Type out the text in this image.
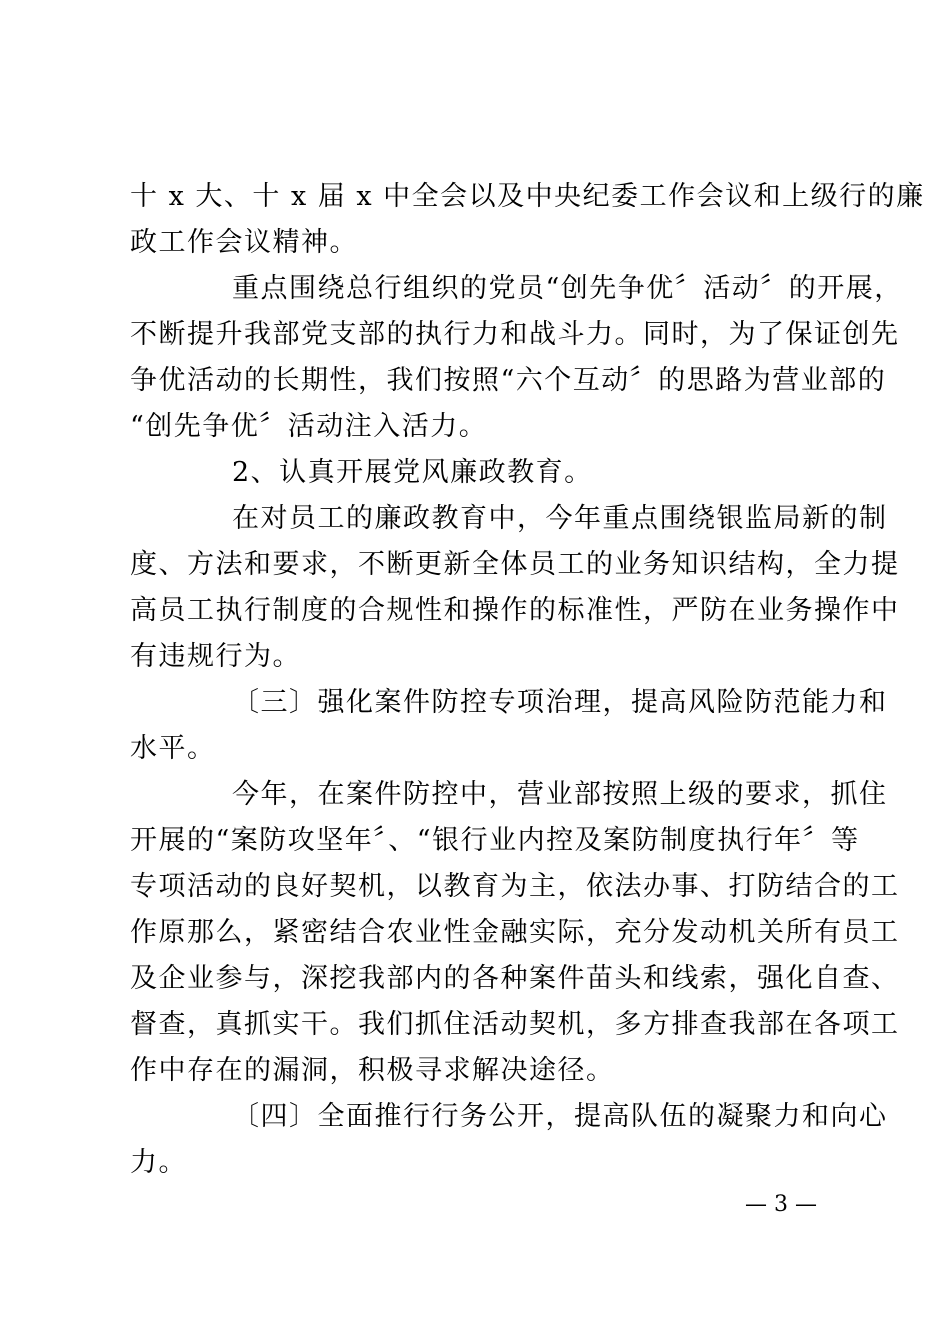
十 x 大、十 x 届 x 中全会以及中央纪委工作会议和上级行的廉
政工作会议精神。
重点围绕总行组织的党员“创先争优〞活动〞的开展，
不断提升我部党支部的执行力和战斗力。同时，为了保证创先
争优活动的长期性，我们按照“六个互动〞的思路为营业部的
“创先争优〞活动注入活力。
2、认真开展党风廉政教育。
在对员工的廉政教育中，今年重点围绕银监局新的制
度、方法和要求，不断更新全体员工的业务知识结构，全力提
高员工执行制度的合规性和操作的标准性，严防在业务操作中
有违规行为。
〔三〕强化案件防控专项治理，提高风险防范能力和
水平。
今年，在案件防控中，营业部按照上级的要求，抓住
开展的“案防攻坚年〞、“银行业内控及案防制度执行年〞等
专项活动的良好契机，以教育为主，依法办事、打防结合的工
作原那么，紧密结合农业性金融实际，充分发动机关所有员工
及企业参与，深挖我部内的各种案件苗头和线索，强化自查、
督查，真抓实干。我们抓住活动契机，多方排查我部在各项工
作中存在的漏洞，积极寻求解决途径。
〔四〕全面推行行务公开，提高队伍的凝聚力和向心
力。
— 3 —
